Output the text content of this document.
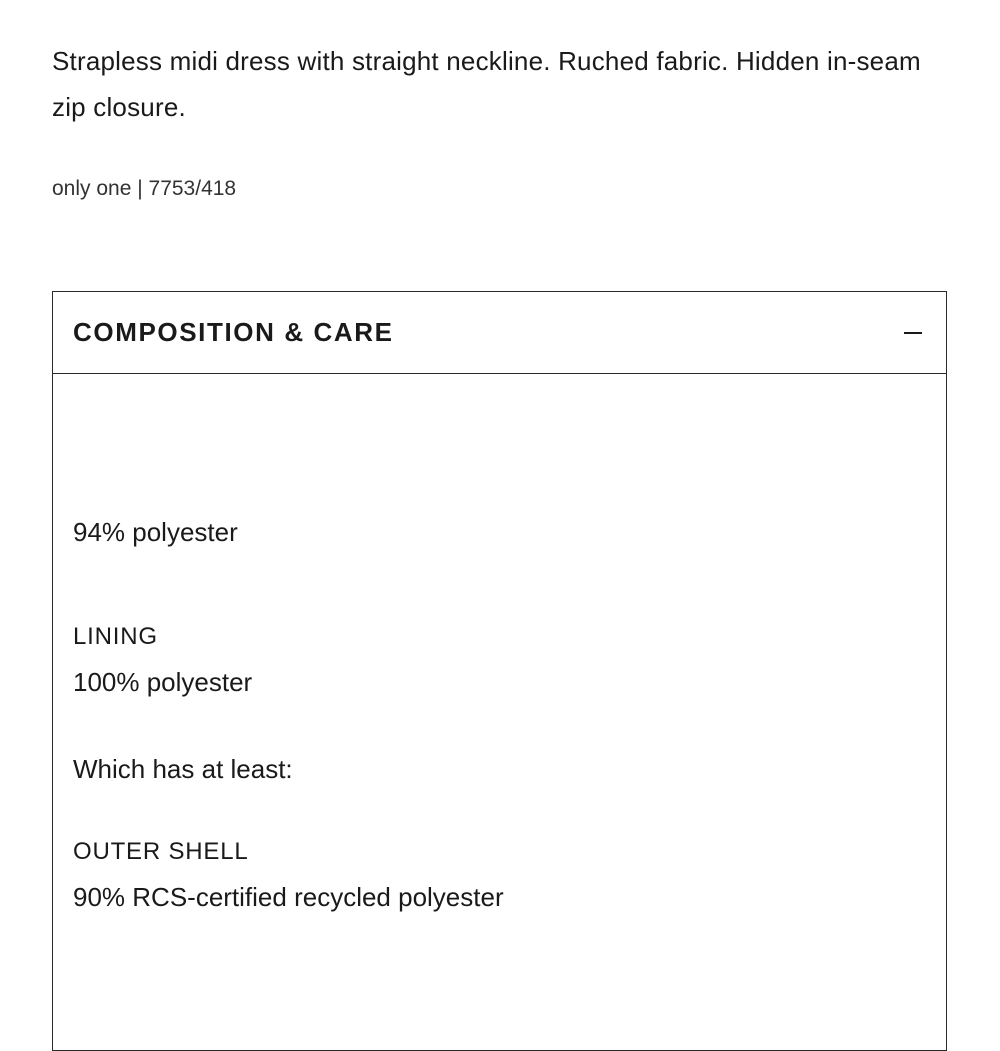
Strapless midi dress with straight neckline. Ruched fabric. Hidden in-seam zip closure.

only one | 7753/418
COMPOSITION & CARE
94% polyester
LINING
100% polyester
Which has at least:
OUTER SHELL
90% RCS-certified recycled polyester
